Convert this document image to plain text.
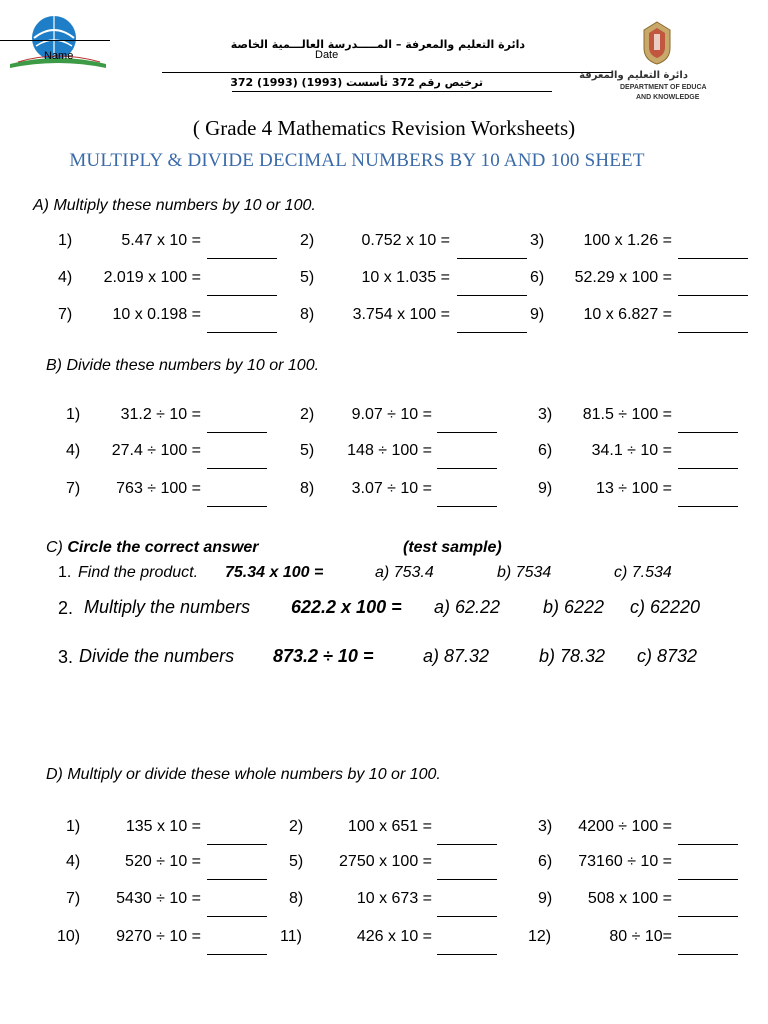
Name
دائرة التعليم والمعرفة – المـــــدرسة العالـــمية الخاصة
Date
ترخيص رقم 372 تأسست (1993) (1993) 372
دائرة التعليم والمعرفة
DEPARTMENT OF EDUCA
AND KNOWLEDGE
( Grade 4 Mathematics Revision Worksheets)
MULTIPLY & DIVIDE DECIMAL NUMBERS BY 10 AND 100 SHEET
A) Multiply these numbers by 10 or 100.
1)	5.47 x 10 =	2)	0.752 x 10 =	3)	100 x 1.26 =
4)	2.019 x 100 =	5)	10 x 1.035 =	6)	52.29 x 100 =
7)	10 x 0.198 =	8)	3.754 x 100 =	9)	10 x 6.827 =
B) Divide these numbers by 10 or 100.
1)	31.2 ÷ 10 =	2)	9.07 ÷ 10 =	3)	81.5 ÷ 100 =
4)	27.4 ÷ 100 =	5)	148 ÷ 100 =	6)	34.1 ÷ 10 =
7)	763 ÷ 100 =	8)	3.07 ÷ 10 =	9)	13 ÷ 100 =
C) Circle the correct answer	(test sample)
1. Find the product. 75.34 x 100 =	a) 753.4	b) 7534	c) 7.534
2. Multiply the numbers 622.2 x 100 = a) 62.22 b) 6222 c) 62220
3. Divide the numbers 873.2 ÷ 10 =	a) 87.32	b) 78.32 c) 8732
D) Multiply or divide these whole numbers by 10 or 100.
1)	135 x 10 =	2)	100 x 651 =	3)	4200 ÷ 100 =
4)	520 ÷ 10 =	5)	2750 x 100 =	6)	73160 ÷ 10 =
7)	5430 ÷ 10 =	8)	10 x 673 =	9)	508 x 100 =
10)	9270 ÷ 10 =	11)	426 x 10 =	12)	80 ÷ 10=
